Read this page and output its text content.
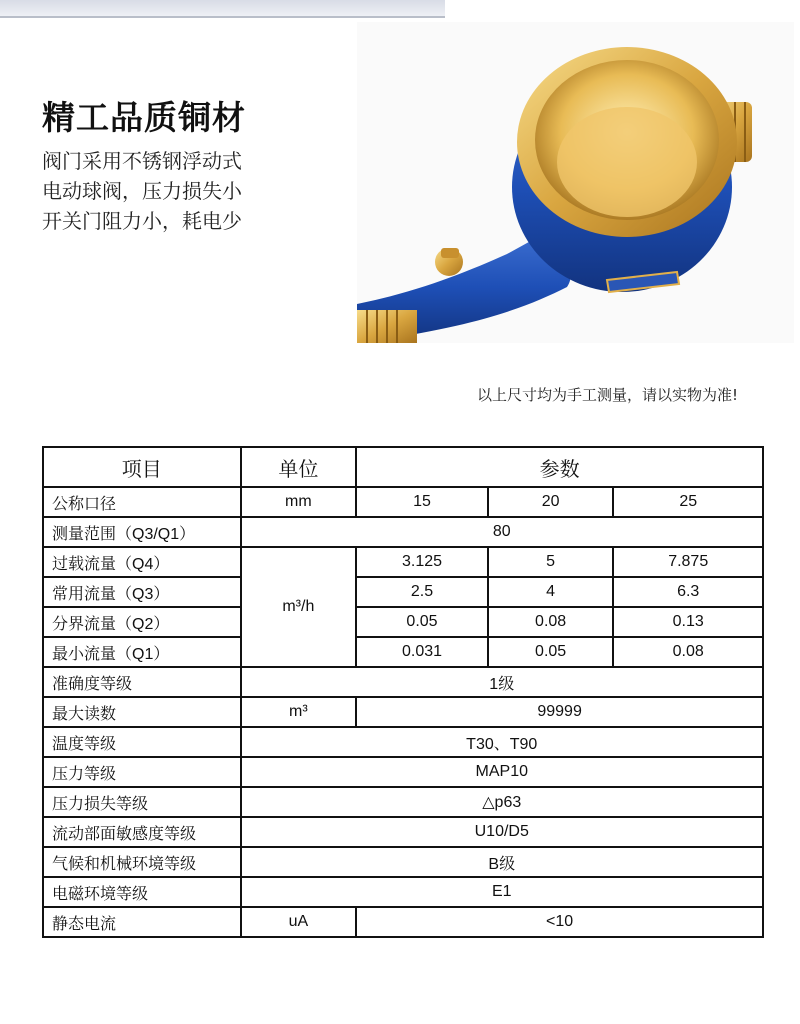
精工品质铜材
阀门采用不锈钢浮动式
电动球阀，压力损失小
开关门阻力小，耗电少
以上尺寸均为手工测量，请以实物为准!
项目	单位	参数		
公称口径	mm	15	20	25
测量范围（Q3/Q1）	80			
过载流量（Q4）	m³/h	3.125	5	7.875
常用流量（Q3）		2.5	4	6.3
分界流量（Q2）		0.05	0.08	0.13
最小流量（Q1）		0.031	0.05	0.08
准确度等级	1级			
最大读数	m³	99999		
温度等级	T30、T90			
压力等级	MAP10			
压力损失等级	△p63			
流动部面敏感度等级	U10/D5			
气候和机械环境等级	B级			
电磁环境等级	E1			
静态电流	uA	<10		
